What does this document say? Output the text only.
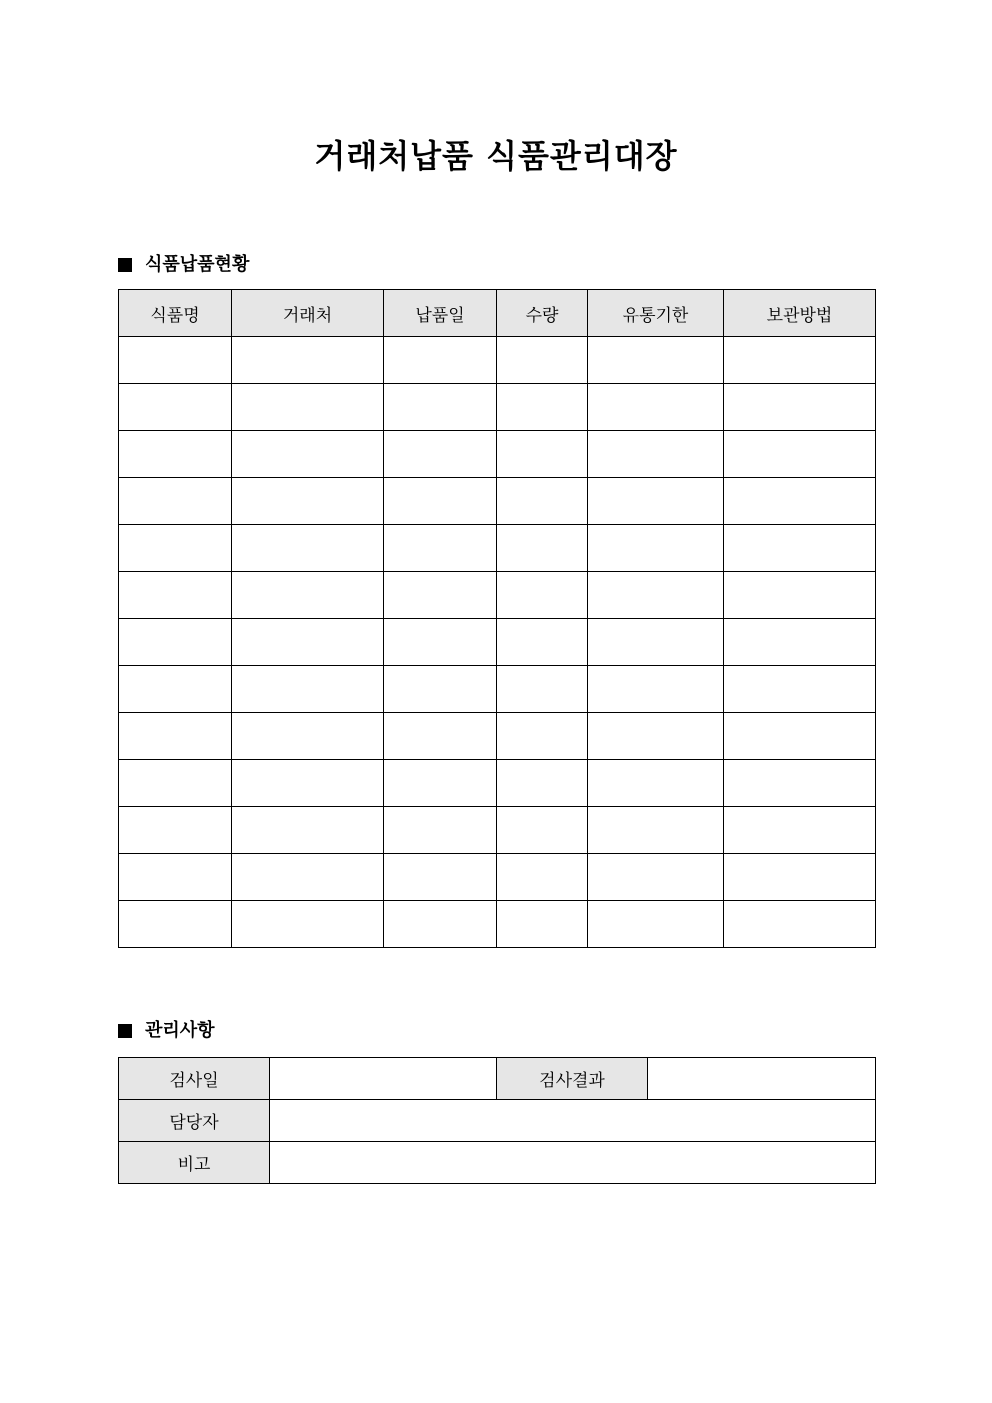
거래처납품 식품관리대장
식품납품현황
식품명	거래처	납품일	수량	유통기한	보관방법

관리사항
검사일		검사결과	
담당자			
비고			
